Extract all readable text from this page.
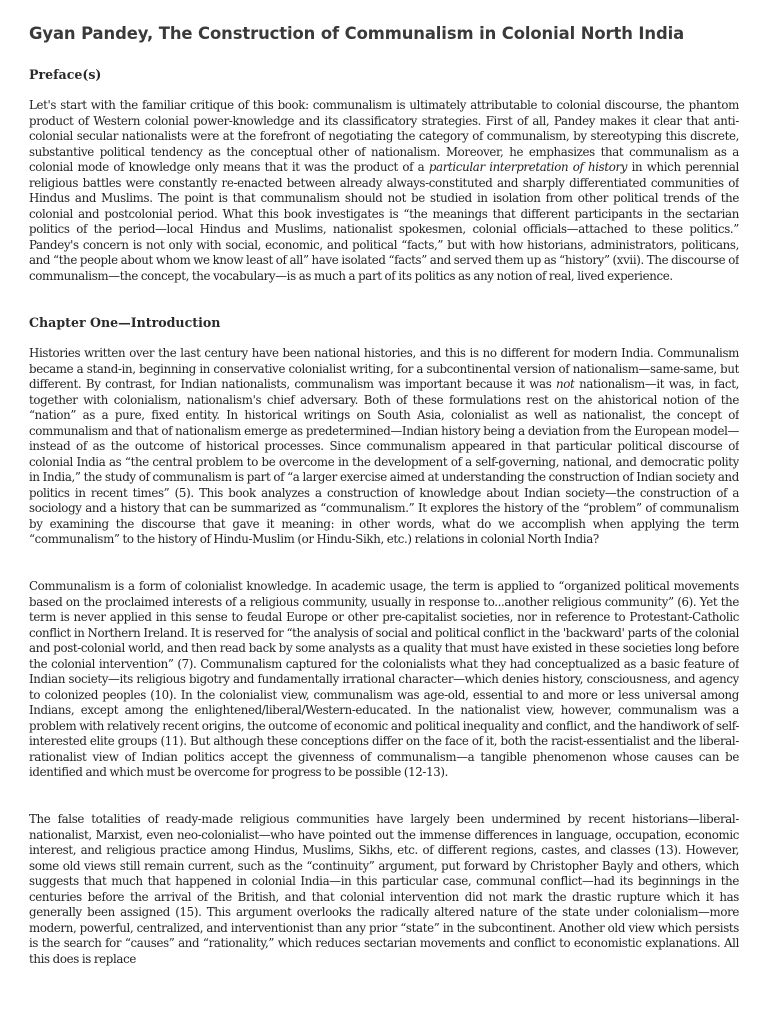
Gyan Pandey, The Construction of Communalism in Colonial North India
Preface(s)

Let's start with the familiar critique of this book: communalism is ultimately attributable to colonial discourse, the phantom product of Western colonial power-knowledge and its classificatory strategies. First of all, Pandey makes it clear that anti-colonial secular nationalists were at the forefront of negotiating the category of communalism, by stereotyping this discrete, substantive political tendency as the conceptual other of nationalism. Moreover, he emphasizes that communalism as a colonial mode of knowledge only means that it was the product of a particular interpretation of history in which perennial religious battles were constantly re-enacted between already always-constituted and sharply differentiated communities of Hindus and Muslims. The point is that communalism should not be studied in isolation from other political trends of the colonial and postcolonial period. What this book investigates is “the meanings that different participants in the sectarian politics of the period—local Hindus and Muslims, nationalist spokesmen, colonial officials—attached to these politics.” Pandey's concern is not only with social, economic, and political “facts,” but with how historians, administrators, politicans, and “the people about whom we know least of all” have isolated “facts” and served them up as “history” (xvii). The discourse of communalism—the concept, the vocabulary—is as much a part of its politics as any notion of real, lived experience.

Chapter One—Introduction

Histories written over the last century have been national histories, and this is no different for modern India. Communalism became a stand-in, beginning in conservative colonialist writing, for a subcontinental version of nationalism—same-same, but different. By contrast, for Indian nationalists, communalism was important because it was not nationalism—it was, in fact, together with colonialism, nationalism's chief adversary. Both of these formulations rest on the ahistorical notion of the “nation” as a pure, fixed entity. In historical writings on South Asia, colonialist as well as nationalist, the concept of communalism and that of nationalism emerge as predetermined—Indian history being a deviation from the European model—instead of as the outcome of historical processes. Since communalism appeared in that particular political discourse of colonial India as “the central problem to be overcome in the development of a self-governing, national, and democratic polity in India,” the study of communalism is part of “a larger exercise aimed at understanding the construction of Indian society and politics in recent times” (5). This book analyzes a construction of knowledge about Indian society—the construction of a sociology and a history that can be summarized as “communalism.” It explores the history of the “problem” of communalism by examining the discourse that gave it meaning: in other words, what do we accomplish when applying the term “communalism” to the history of Hindu-Muslim (or Hindu-Sikh, etc.) relations in colonial North India?

Communalism is a form of colonialist knowledge. In academic usage, the term is applied to “organized political movements based on the proclaimed interests of a religious community, usually in response to...another religious community” (6). Yet the term is never applied in this sense to feudal Europe or other pre-capitalist societies, nor in reference to Protestant-Catholic conflict in Northern Ireland. It is reserved for “the analysis of social and political conflict in the 'backward' parts of the colonial and post-colonial world, and then read back by some analysts as a quality that must have existed in these societies long before the colonial intervention” (7). Communalism captured for the colonialists what they had conceptualized as a basic feature of Indian society—its religious bigotry and fundamentally irrational character—which denies history, consciousness, and agency to colonized peoples (10). In the colonialist view, communalism was age-old, essential to and more or less universal among Indians, except among the enlightened/liberal/Western-educated. In the nationalist view, however, communalism was a problem with relatively recent origins, the outcome of economic and political inequality and conflict, and the handiwork of self-interested elite groups (11). But although these conceptions differ on the face of it, both the racist-essentialist and the liberal-rationalist view of Indian politics accept the givenness of communalism—a tangible phenomenon whose causes can be identified and which must be overcome for progress to be possible (12-13).

The false totalities of ready-made religious communities have largely been undermined by recent historians—liberal-nationalist, Marxist, even neo-colonialist—who have pointed out the immense differences in language, occupation, economic interest, and religious practice among Hindus, Muslims, Sikhs, etc. of different regions, castes, and classes (13). However, some old views still remain current, such as the “continuity” argument, put forward by Christopher Bayly and others, which suggests that much that happened in colonial India—in this particular case, communal conflict—had its beginnings in the centuries before the arrival of the British, and that colonial intervention did not mark the drastic rupture which it has generally been assigned (15). This argument overlooks the radically altered nature of the state under colonialism—more modern, powerful, centralized, and interventionist than any prior “state” in the subcontinent. Another old view which persists is the search for “causes” and “rationality,” which reduces sectarian movements and conflict to economistic explanations. All this does is replace
